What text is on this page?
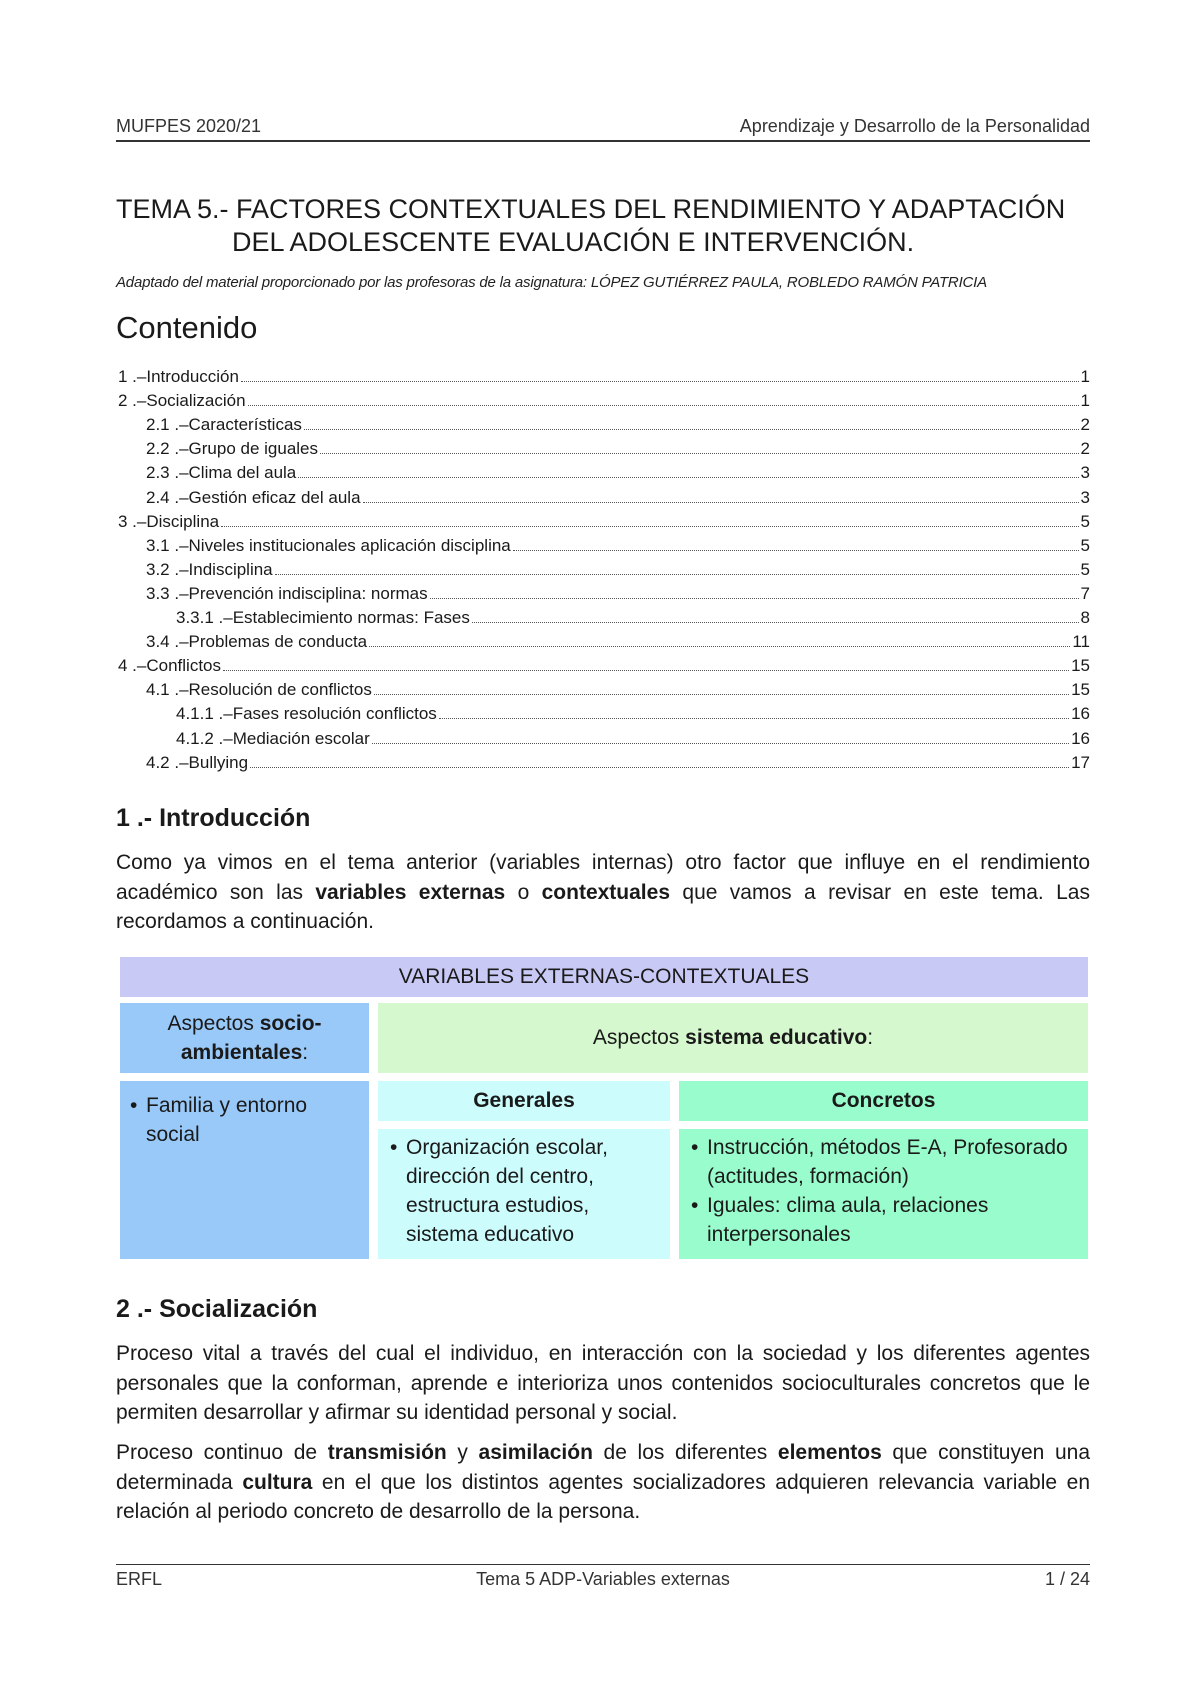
MUFPES 2020/21	Aprendizaje y Desarrollo de la Personalidad
TEMA 5.- FACTORES CONTEXTUALES DEL RENDIMIENTO Y ADAPTACIÓN
DEL ADOLESCENTE EVALUACIÓN E INTERVENCIÓN.
Adaptado del material proporcionado por las profesoras de la asignatura: LÓPEZ GUTIÉRREZ PAULA, ROBLEDO RAMÓN PATRICIA
Contenido
1 .–Introducción	1
2 .–Socialización	1
2.1 .–Características	2
2.2 .–Grupo de iguales	2
2.3 .–Clima del aula	3
2.4 .–Gestión eficaz del aula	3
3 .–Disciplina	5
3.1 .–Niveles institucionales aplicación disciplina	5
3.2 .–Indisciplina	5
3.3 .–Prevención indisciplina: normas	7
3.3.1 .–Establecimiento normas: Fases	8
3.4 .–Problemas de conducta	11
4 .–Conflictos	15
4.1 .–Resolución de conflictos	15
4.1.1 .–Fases resolución conflictos	16
4.1.2 .–Mediación escolar	16
4.2 .–Bullying	17
1 .- Introducción
Como ya vimos en el tema anterior (variables internas) otro factor que influye en el rendimiento académico son las variables externas o contextuales que vamos a revisar en este tema. Las recordamos a continuación.
VARIABLES EXTERNAS-CONTEXTUALES
Aspectos socio-ambientales:
Aspectos sistema educativo:
• Familia y entorno social
Generales	Concretos
• Organización escolar, dirección del centro, estructura estudios, sistema educativo
• Instrucción, métodos E-A, Profesorado (actitudes, formación)
• Iguales: clima aula, relaciones interpersonales
2 .- Socialización
Proceso vital a través del cual el individuo, en interacción con la sociedad y los diferentes agentes personales que la conforman, aprende e interioriza unos contenidos socioculturales concretos que le permiten desarrollar y afirmar su identidad personal y social.
Proceso continuo de transmisión y asimilación de los diferentes elementos que constituyen una determinada cultura en el que los distintos agentes socializadores adquieren relevancia variable en relación al periodo concreto de desarrollo de la persona.
ERFL	Tema 5 ADP-Variables externas	1 / 24
